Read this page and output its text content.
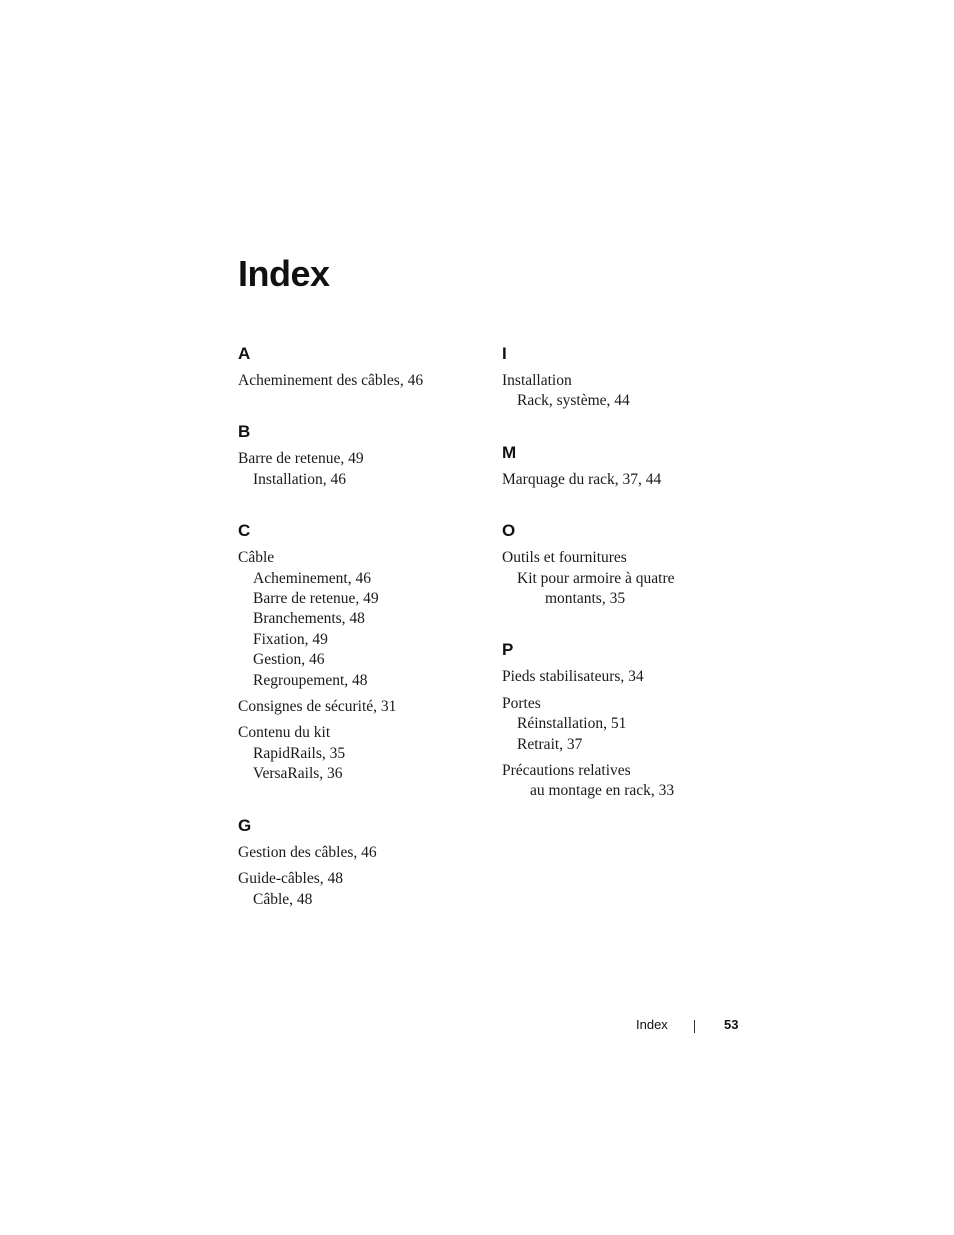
Index
A
Acheminement des câbles, 46
B
Barre de retenue, 49
Installation, 46
C
Câble
Acheminement, 46
Barre de retenue, 49
Branchements, 48
Fixation, 49
Gestion, 46
Regroupement, 48
Consignes de sécurité, 31
Contenu du kit
RapidRails, 35
VersaRails, 36
G
Gestion des câbles, 46
Guide-câbles, 48
Câble, 48
I
Installation
Rack, système, 44
M
Marquage du rack, 37, 44
O
Outils et fournitures
Kit pour armoire à quatre
montants, 35
P
Pieds stabilisateurs, 34
Portes
Réinstallation, 51
Retrait, 37
Précautions relatives
au montage en rack, 33
Index	53
